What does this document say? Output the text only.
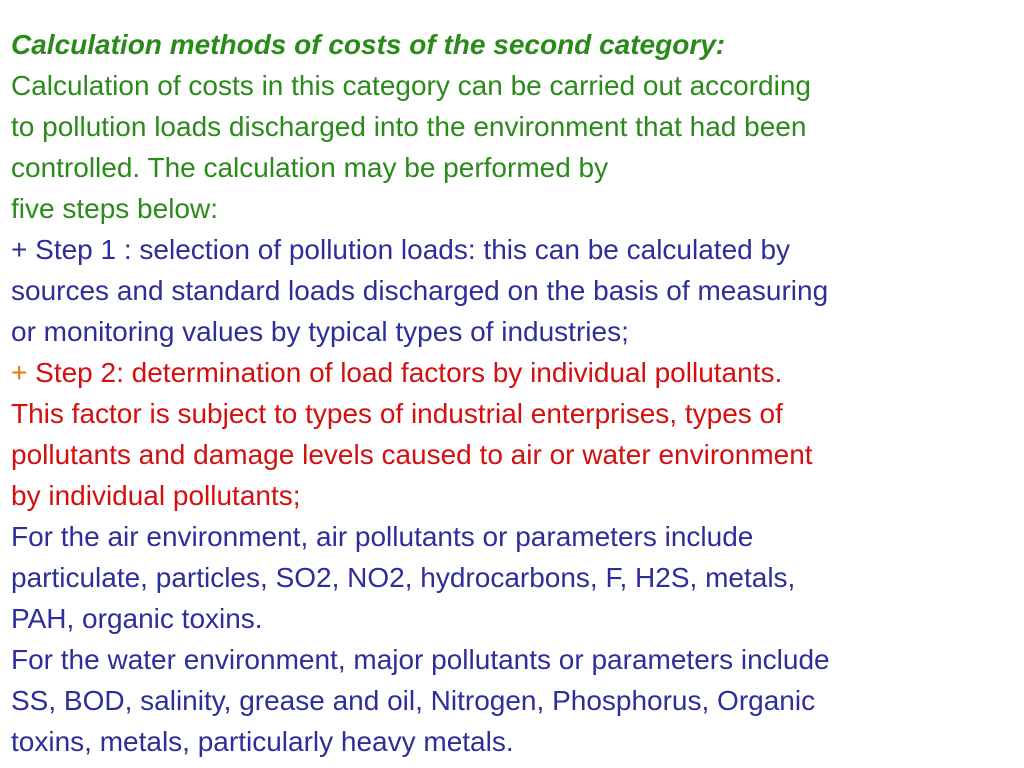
Calculation methods of costs of the second category:
Calculation of costs in this category can be carried out according
to pollution loads discharged into the environment that had been
controlled. The calculation may be performed by
five steps below:
+ Step 1 : selection of pollution loads: this can be calculated by
sources and standard loads discharged on the basis of measuring
or monitoring values by typical types of industries;
+ Step 2: determination of load factors by individual pollutants.
This factor is subject to types of industrial enterprises, types of
pollutants and damage levels caused to air or water environment
by individual pollutants;
For the air environment, air pollutants or parameters include
particulate, particles, SO2, NO2, hydrocarbons, F, H2S, metals,
PAH, organic toxins.
For the water environment, major pollutants or parameters include
SS, BOD, salinity, grease and oil, Nitrogen, Phosphorus, Organic
toxins, metals, particularly heavy metals.
